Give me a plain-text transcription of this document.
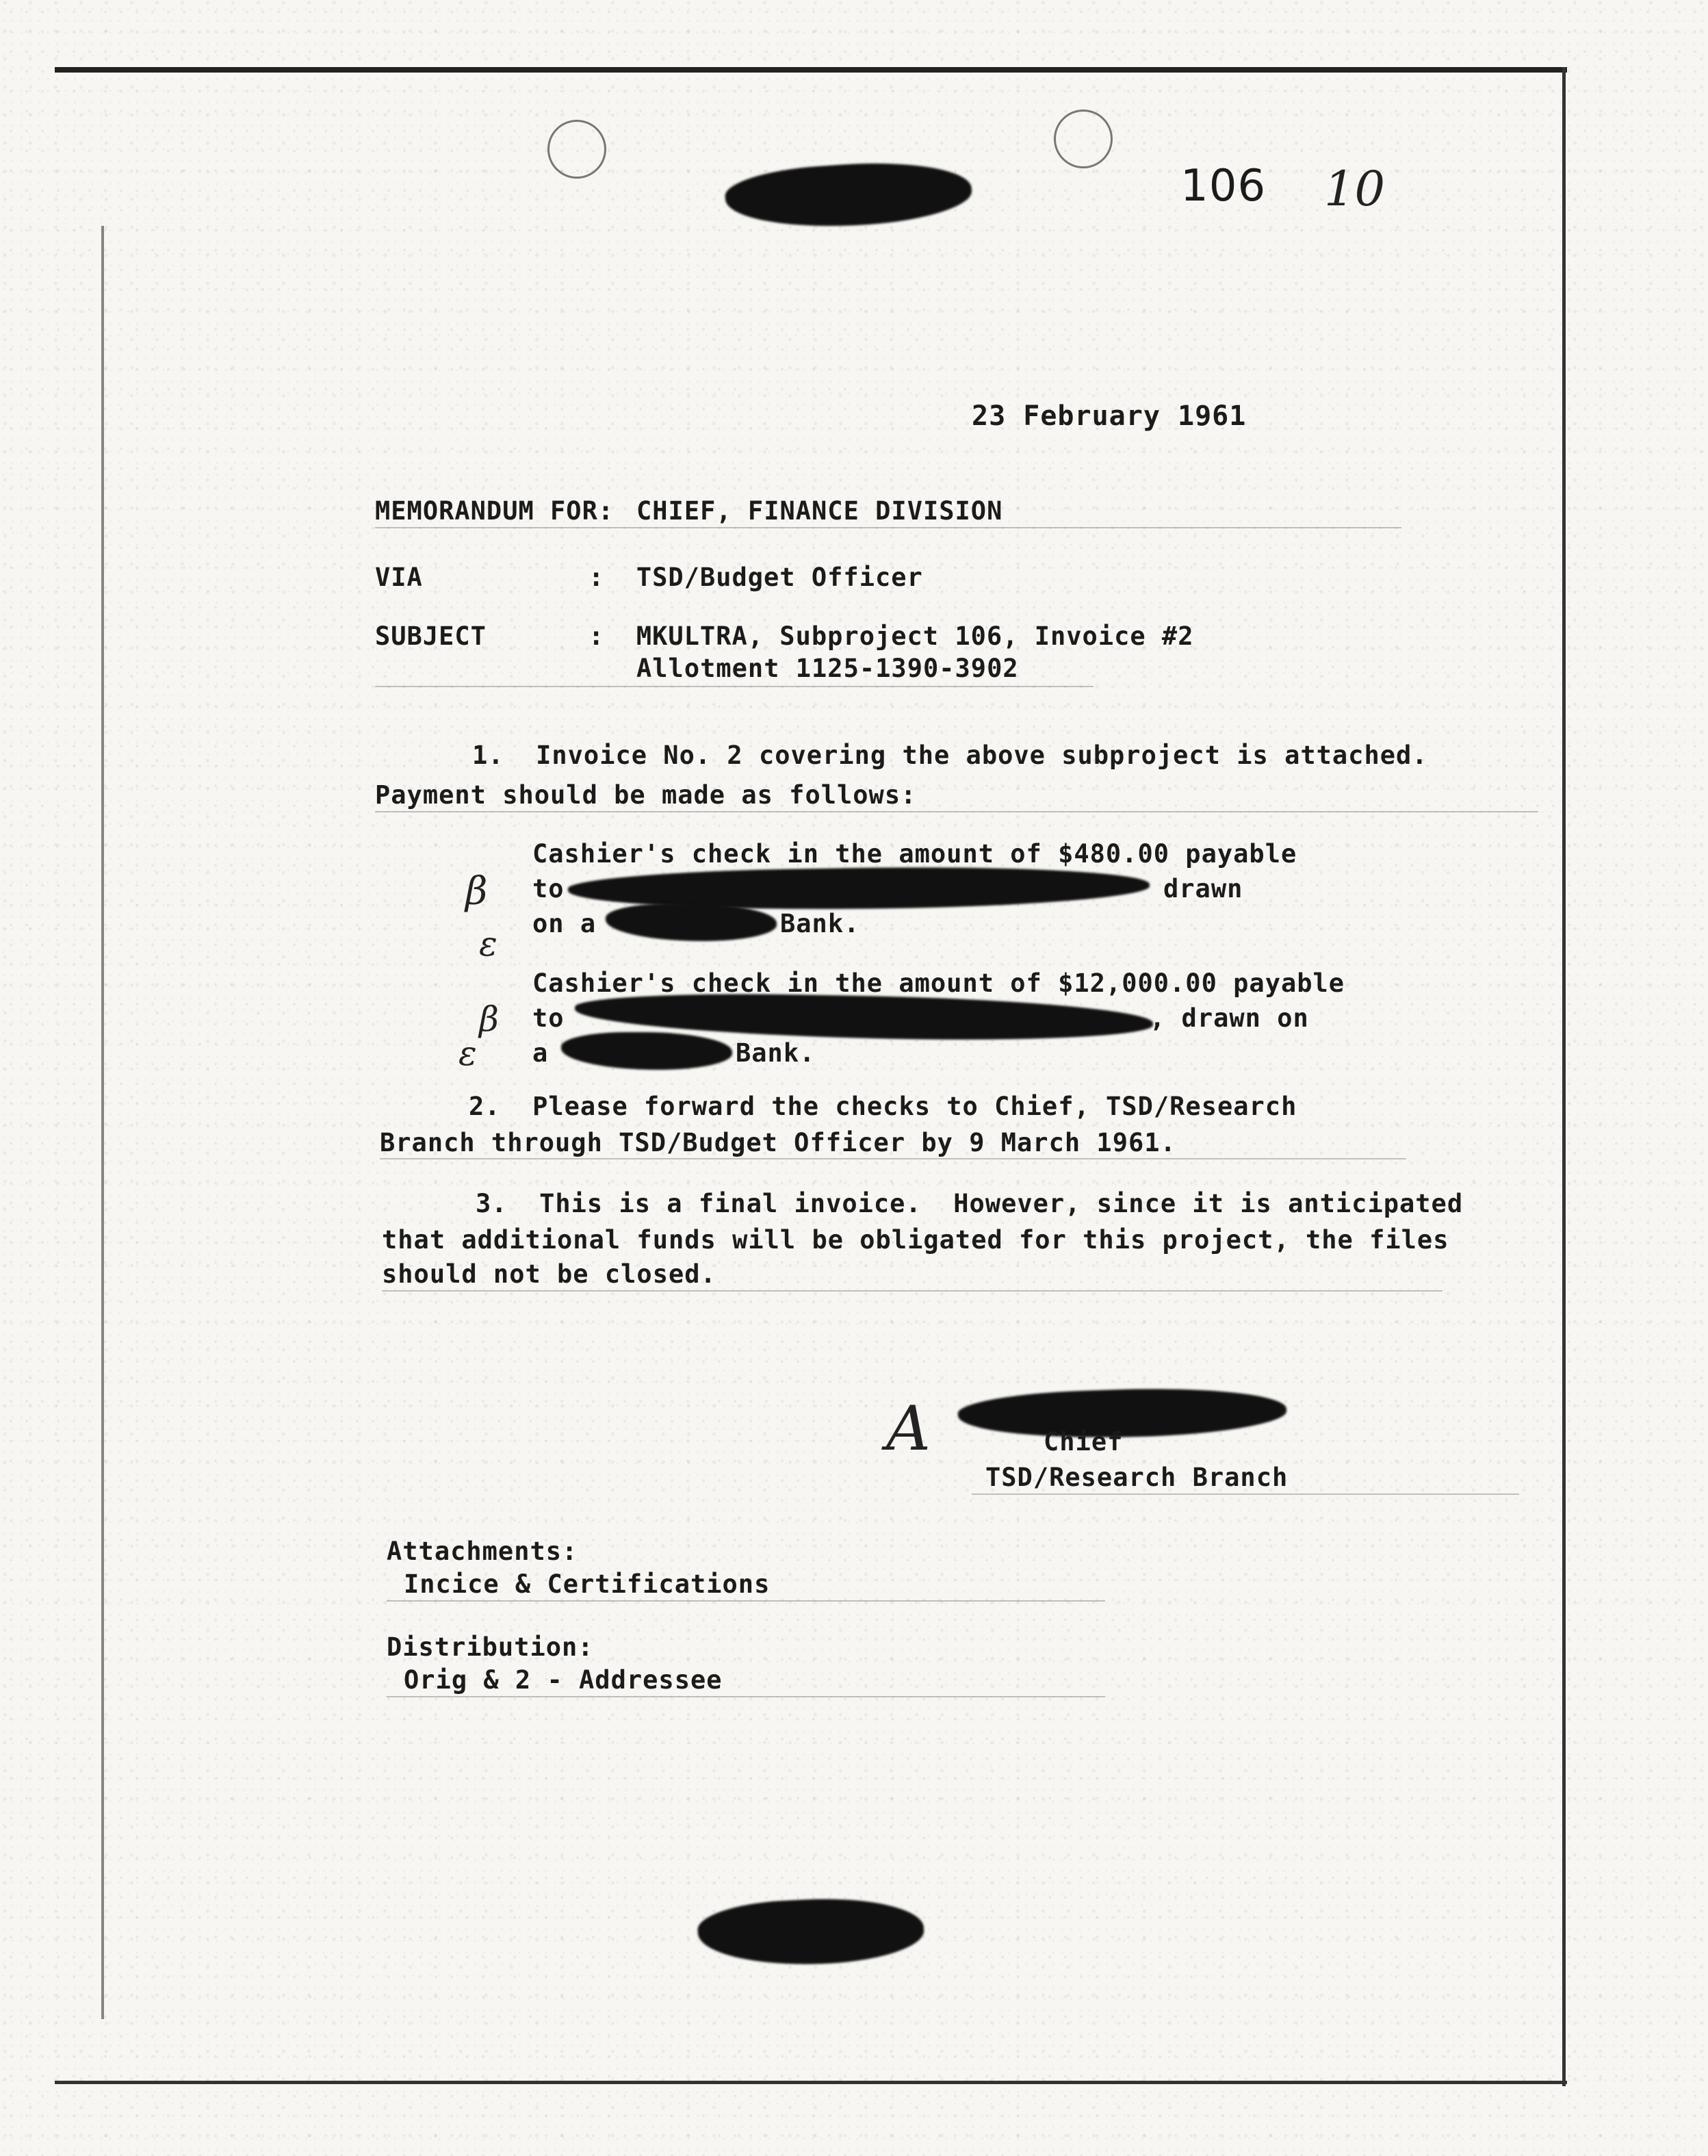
106 10
23 February 1961
MEMORANDUM FOR: CHIEF, FINANCE DIVISION
VIA	:  TSD/Budget Officer
SUBJECT	:  MKULTRA, Subproject 106, Invoice #2
Allotment 1125-1390-3902
1.  Invoice No. 2 covering the above subproject is attached.
Payment should be made as follows:
β
ε
Cashier's check in the amount of $480.00 payable
to	drawn
on a	Bank.
Cashier's check in the amount of $12,000.00 payable
β to	, drawn on
ε a	Bank.
2.  Please forward the checks to Chief, TSD/Research
Branch through TSD/Budget Officer by 9 March 1961.
3.  This is a final invoice.  However, since it is anticipated
that additional funds will be obligated for this project, the files
should not be closed.
A	Chief
TSD/Research Branch
Attachments:
Incice & Certifications
Distribution:
Orig & 2 - Addressee
